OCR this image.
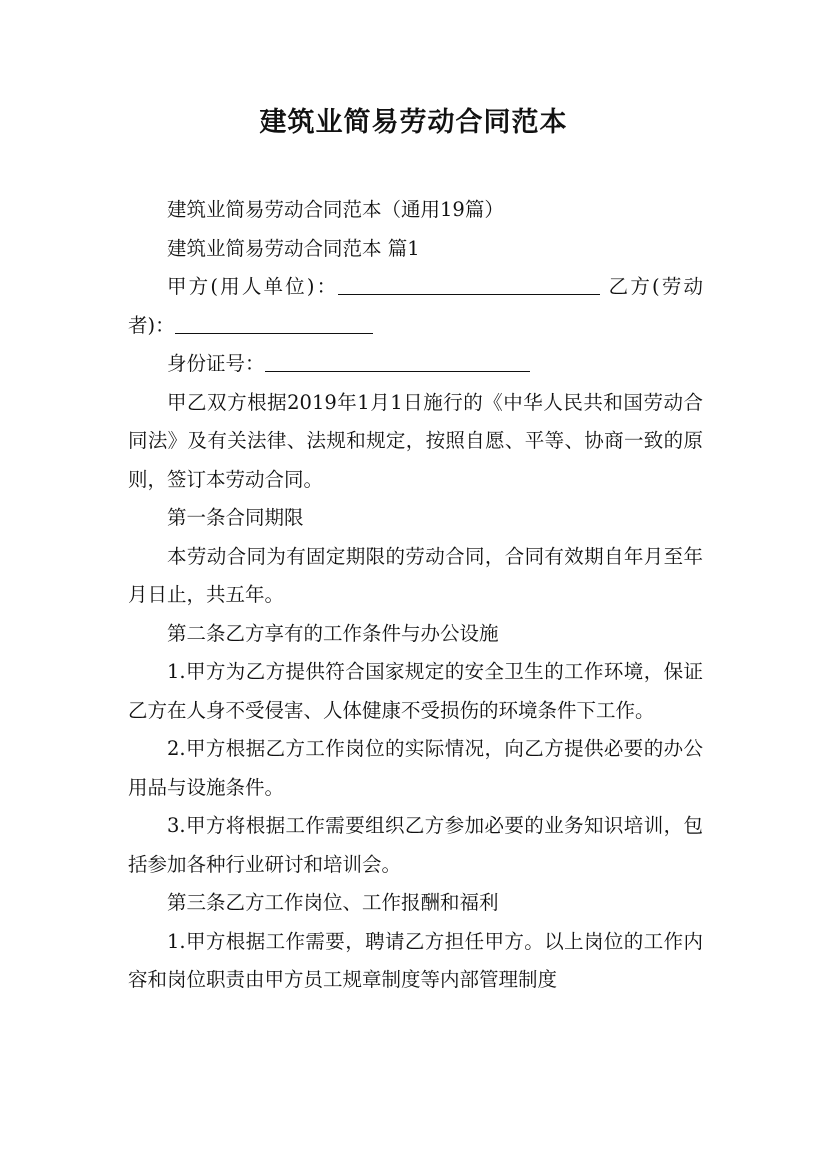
建筑业简易劳动合同范本

建筑业简易劳动合同范本（通用19篇）

建筑业简易劳动合同范本 篇1

甲方(用人单位)：	乙方(劳动者)：

身份证号：

甲乙双方根据2019年1月1日施行的《中华人民共和国劳动合同法》及有关法律、法规和规定，按照自愿、平等、协商一致的原则，签订本劳动合同。

第一条合同期限

本劳动合同为有固定期限的劳动合同，合同有效期自年月至年月日止，共五年。

第二条乙方享有的工作条件与办公设施

1.甲方为乙方提供符合国家规定的安全卫生的工作环境，保证乙方在人身不受侵害、人体健康不受损伤的环境条件下工作。

2.甲方根据乙方工作岗位的实际情况，向乙方提供必要的办公用品与设施条件。

3.甲方将根据工作需要组织乙方参加必要的业务知识培训，包括参加各种行业研讨和培训会。

第三条乙方工作岗位、工作报酬和福利

1.甲方根据工作需要，聘请乙方担任甲方。以上岗位的工作内容和岗位职责由甲方员工规章制度等内部管理制度
